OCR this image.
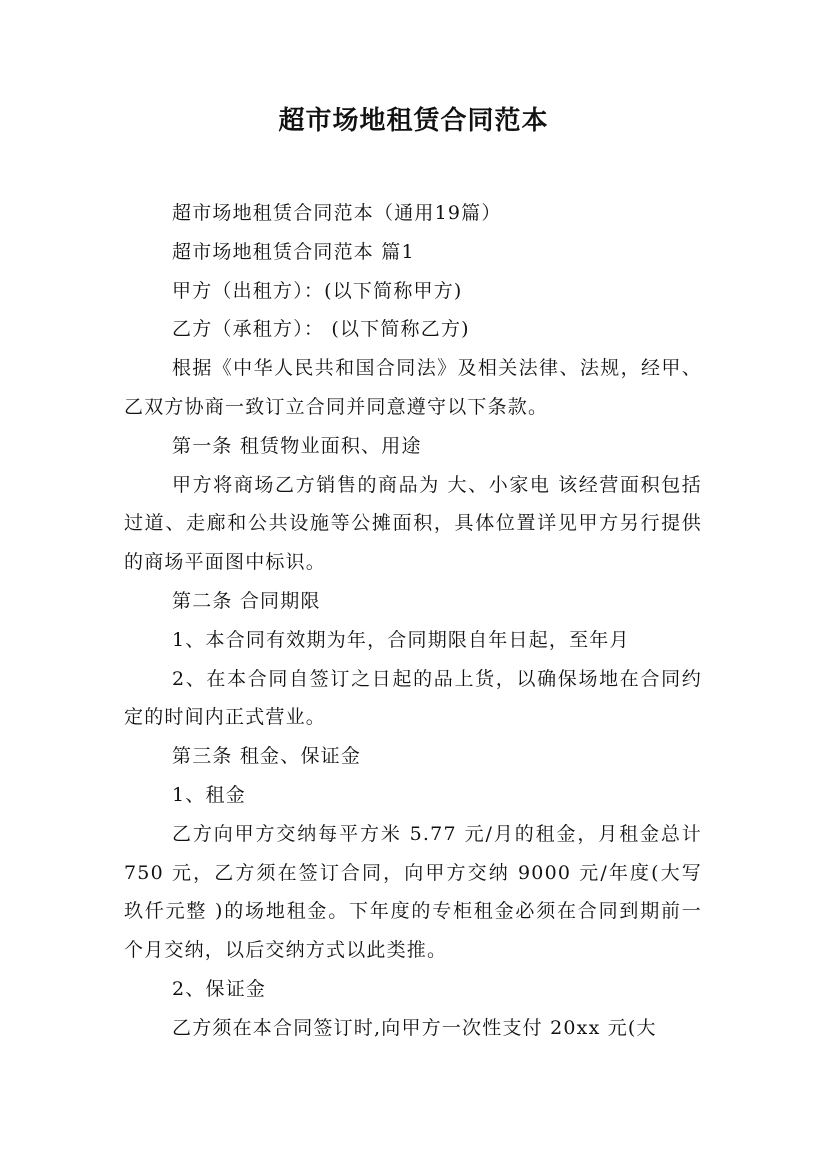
超市场地租赁合同范本

超市场地租赁合同范本（通用19篇）

超市场地租赁合同范本 篇1

甲方（出租方）：(以下简称甲方)

乙方（承租方）： (以下简称乙方)

根据《中华人民共和国合同法》及相关法律、法规，经甲、乙双方协商一致订立合同并同意遵守以下条款。

第一条 租赁物业面积、用途

甲方将商场乙方销售的商品为 大、小家电 该经营面积包括过道、走廊和公共设施等公摊面积，具体位置详见甲方另行提供的商场平面图中标识。

第二条 合同期限

1、本合同有效期为年，合同期限自年日起，至年月

2、在本合同自签订之日起的品上货，以确保场地在合同约定的时间内正式营业。

第三条 租金、保证金

1、租金

乙方向甲方交纳每平方米 5.77 元/月的租金，月租金总计 750 元，乙方须在签订合同，向甲方交纳 9000 元/年度(大写 玖仟元整 )的场地租金。下年度的专柜租金必须在合同到期前一个月交纳，以后交纳方式以此类推。

2、保证金

乙方须在本合同签订时,向甲方一次性支付 20xx 元(大
